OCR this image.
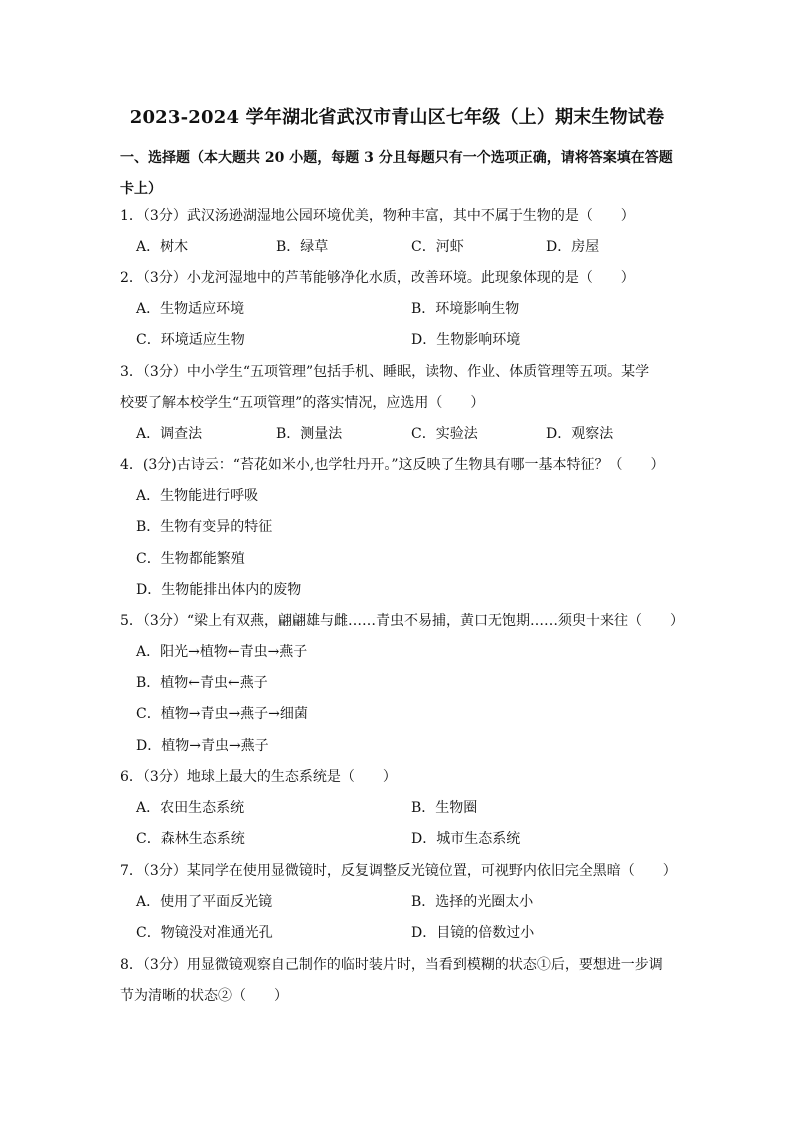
2023-2024 学年湖北省武汉市青山区七年级（上）期末生物试卷
一、选择题（本大题共 20 小题，每题 3 分且每题只有一个选项正确，请将答案填在答题卡上）
1．（3分）武汉汤逊湖湿地公园环境优美，物种丰富，其中不属于生物的是（　　）
A．树木	B．绿草	C．河虾	D．房屋
2．（3分）小龙河湿地中的芦苇能够净化水质，改善环境。此现象体现的是（　　）
A．生物适应环境	B．环境影响生物
C．环境适应生物	D．生物影响环境
3．（3分）中小学生“五项管理”包括手机、睡眠，读物、作业、体质管理等五项。某学
校要了解本校学生“五项管理”的落实情况，应选用（　　）
A．调查法	B．测量法	C．实验法	D．观察法
4．(3分)古诗云：“苔花如米小,也学牡丹开。”这反映了生物具有哪一基本特征？（　　）
A．生物能进行呼吸
B．生物有变异的特征
C．生物都能繁殖
D．生物能排出体内的废物
5．（3分）“梁上有双燕，翩翩雄与雌……青虫不易捕，黄口无饱期……须臾十来往（　　）
A．阳光→植物←青虫→燕子
B．植物←青虫←燕子
C．植物→青虫→燕子→细菌
D．植物→青虫→燕子
6．（3分）地球上最大的生态系统是（　　）
A．农田生态系统	B．生物圈
C．森林生态系统	D．城市生态系统
7．（3分）某同学在使用显微镜时，反复调整反光镜位置，可视野内依旧完全黑暗（　　）
A．使用了平面反光镜	B．选择的光圈太小
C．物镜没对准通光孔	D．目镜的倍数过小
8．（3分）用显微镜观察自己制作的临时装片时，当看到模糊的状态①后，要想进一步调
节为清晰的状态②（　　）
